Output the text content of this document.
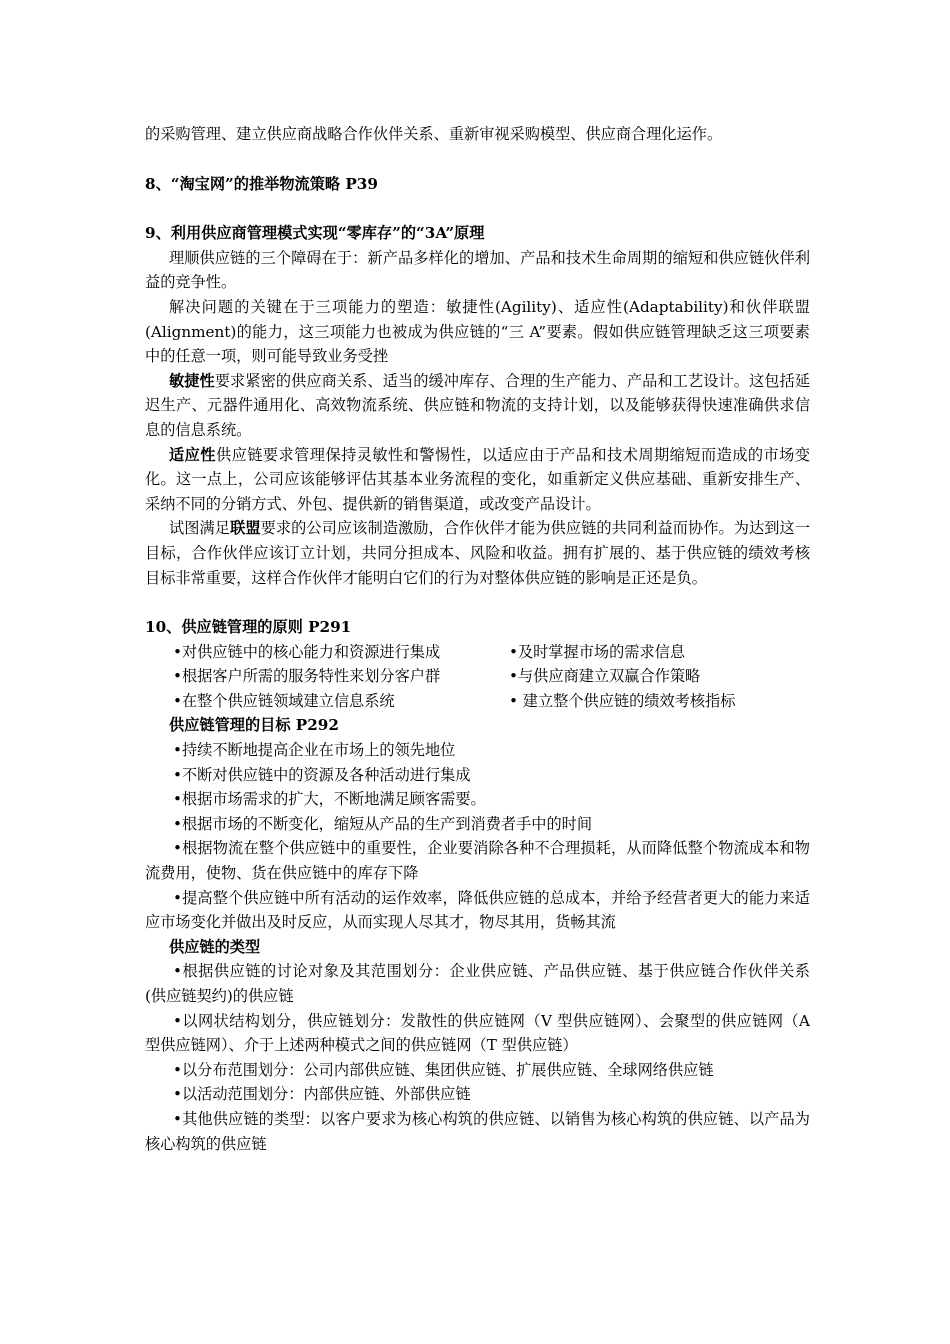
的采购管理、建立供应商战略合作伙伴关系、重新审视采购模型、供应商合理化运作。

8、“淘宝网”的推举物流策略 P39

9、利用供应商管理模式实现“零库存”的“3A”原理

理顺供应链的三个障碍在于：新产品多样化的增加、产品和技术生命周期的缩短和供应链伙伴利益的竞争性。

解决问题的关键在于三项能力的塑造：敏捷性(Agility)、适应性(Adaptability)和伙伴联盟(Alignment)的能力，这三项能力也被成为供应链的“三 A”要素。假如供应链管理缺乏这三项要素中的任意一项，则可能导致业务受挫

敏捷性要求紧密的供应商关系、适当的缓冲库存、合理的生产能力、产品和工艺设计。这包括延迟生产、元器件通用化、高效物流系统、供应链和物流的支持计划，以及能够获得快速准确供求信息的信息系统。

适应性供应链要求管理保持灵敏性和警惕性，以适应由于产品和技术周期缩短而造成的市场变化。这一点上，公司应该能够评估其基本业务流程的变化，如重新定义供应基础、重新安排生产、采纳不同的分销方式、外包、提供新的销售渠道，或改变产品设计。

试图满足联盟要求的公司应该制造激励，合作伙伴才能为供应链的共同利益而协作。为达到这一目标，合作伙伴应该订立计划，共同分担成本、风险和收益。拥有扩展的、基于供应链的绩效考核目标非常重要，这样合作伙伴才能明白它们的行为对整体供应链的影响是正还是负。

10、供应链管理的原则 P291

•对供应链中的核心能力和资源进行集成	•及时掌握市场的需求信息
•根据客户所需的服务特性来划分客户群	•与供应商建立双赢合作策略
•在整个供应链领域建立信息系统	• 建立整个供应链的绩效考核指标

供应链管理的目标 P292

•持续不断地提高企业在市场上的领先地位

•不断对供应链中的资源及各种活动进行集成

•根据市场需求的扩大，不断地满足顾客需要。

•根据市场的不断变化，缩短从产品的生产到消费者手中的时间

•根据物流在整个供应链中的重要性，企业要消除各种不合理损耗，从而降低整个物流成本和物流费用，使物、货在供应链中的库存下降

•提高整个供应链中所有活动的运作效率，降低供应链的总成本，并给予经营者更大的能力来适应市场变化并做出及时反应，从而实现人尽其才，物尽其用，货畅其流

供应链的类型

•根据供应链的讨论对象及其范围划分：企业供应链、产品供应链、基于供应链合作伙伴关系(供应链契约)的供应链

•以网状结构划分，供应链划分：发散性的供应链网（V 型供应链网）、会聚型的供应链网（A 型供应链网）、介于上述两种模式之间的供应链网（T 型供应链）

•以分布范围划分：公司内部供应链、集团供应链、扩展供应链、全球网络供应链

•以活动范围划分：内部供应链、外部供应链

•其他供应链的类型：以客户要求为核心构筑的供应链、以销售为核心构筑的供应链、以产品为核心构筑的供应链
